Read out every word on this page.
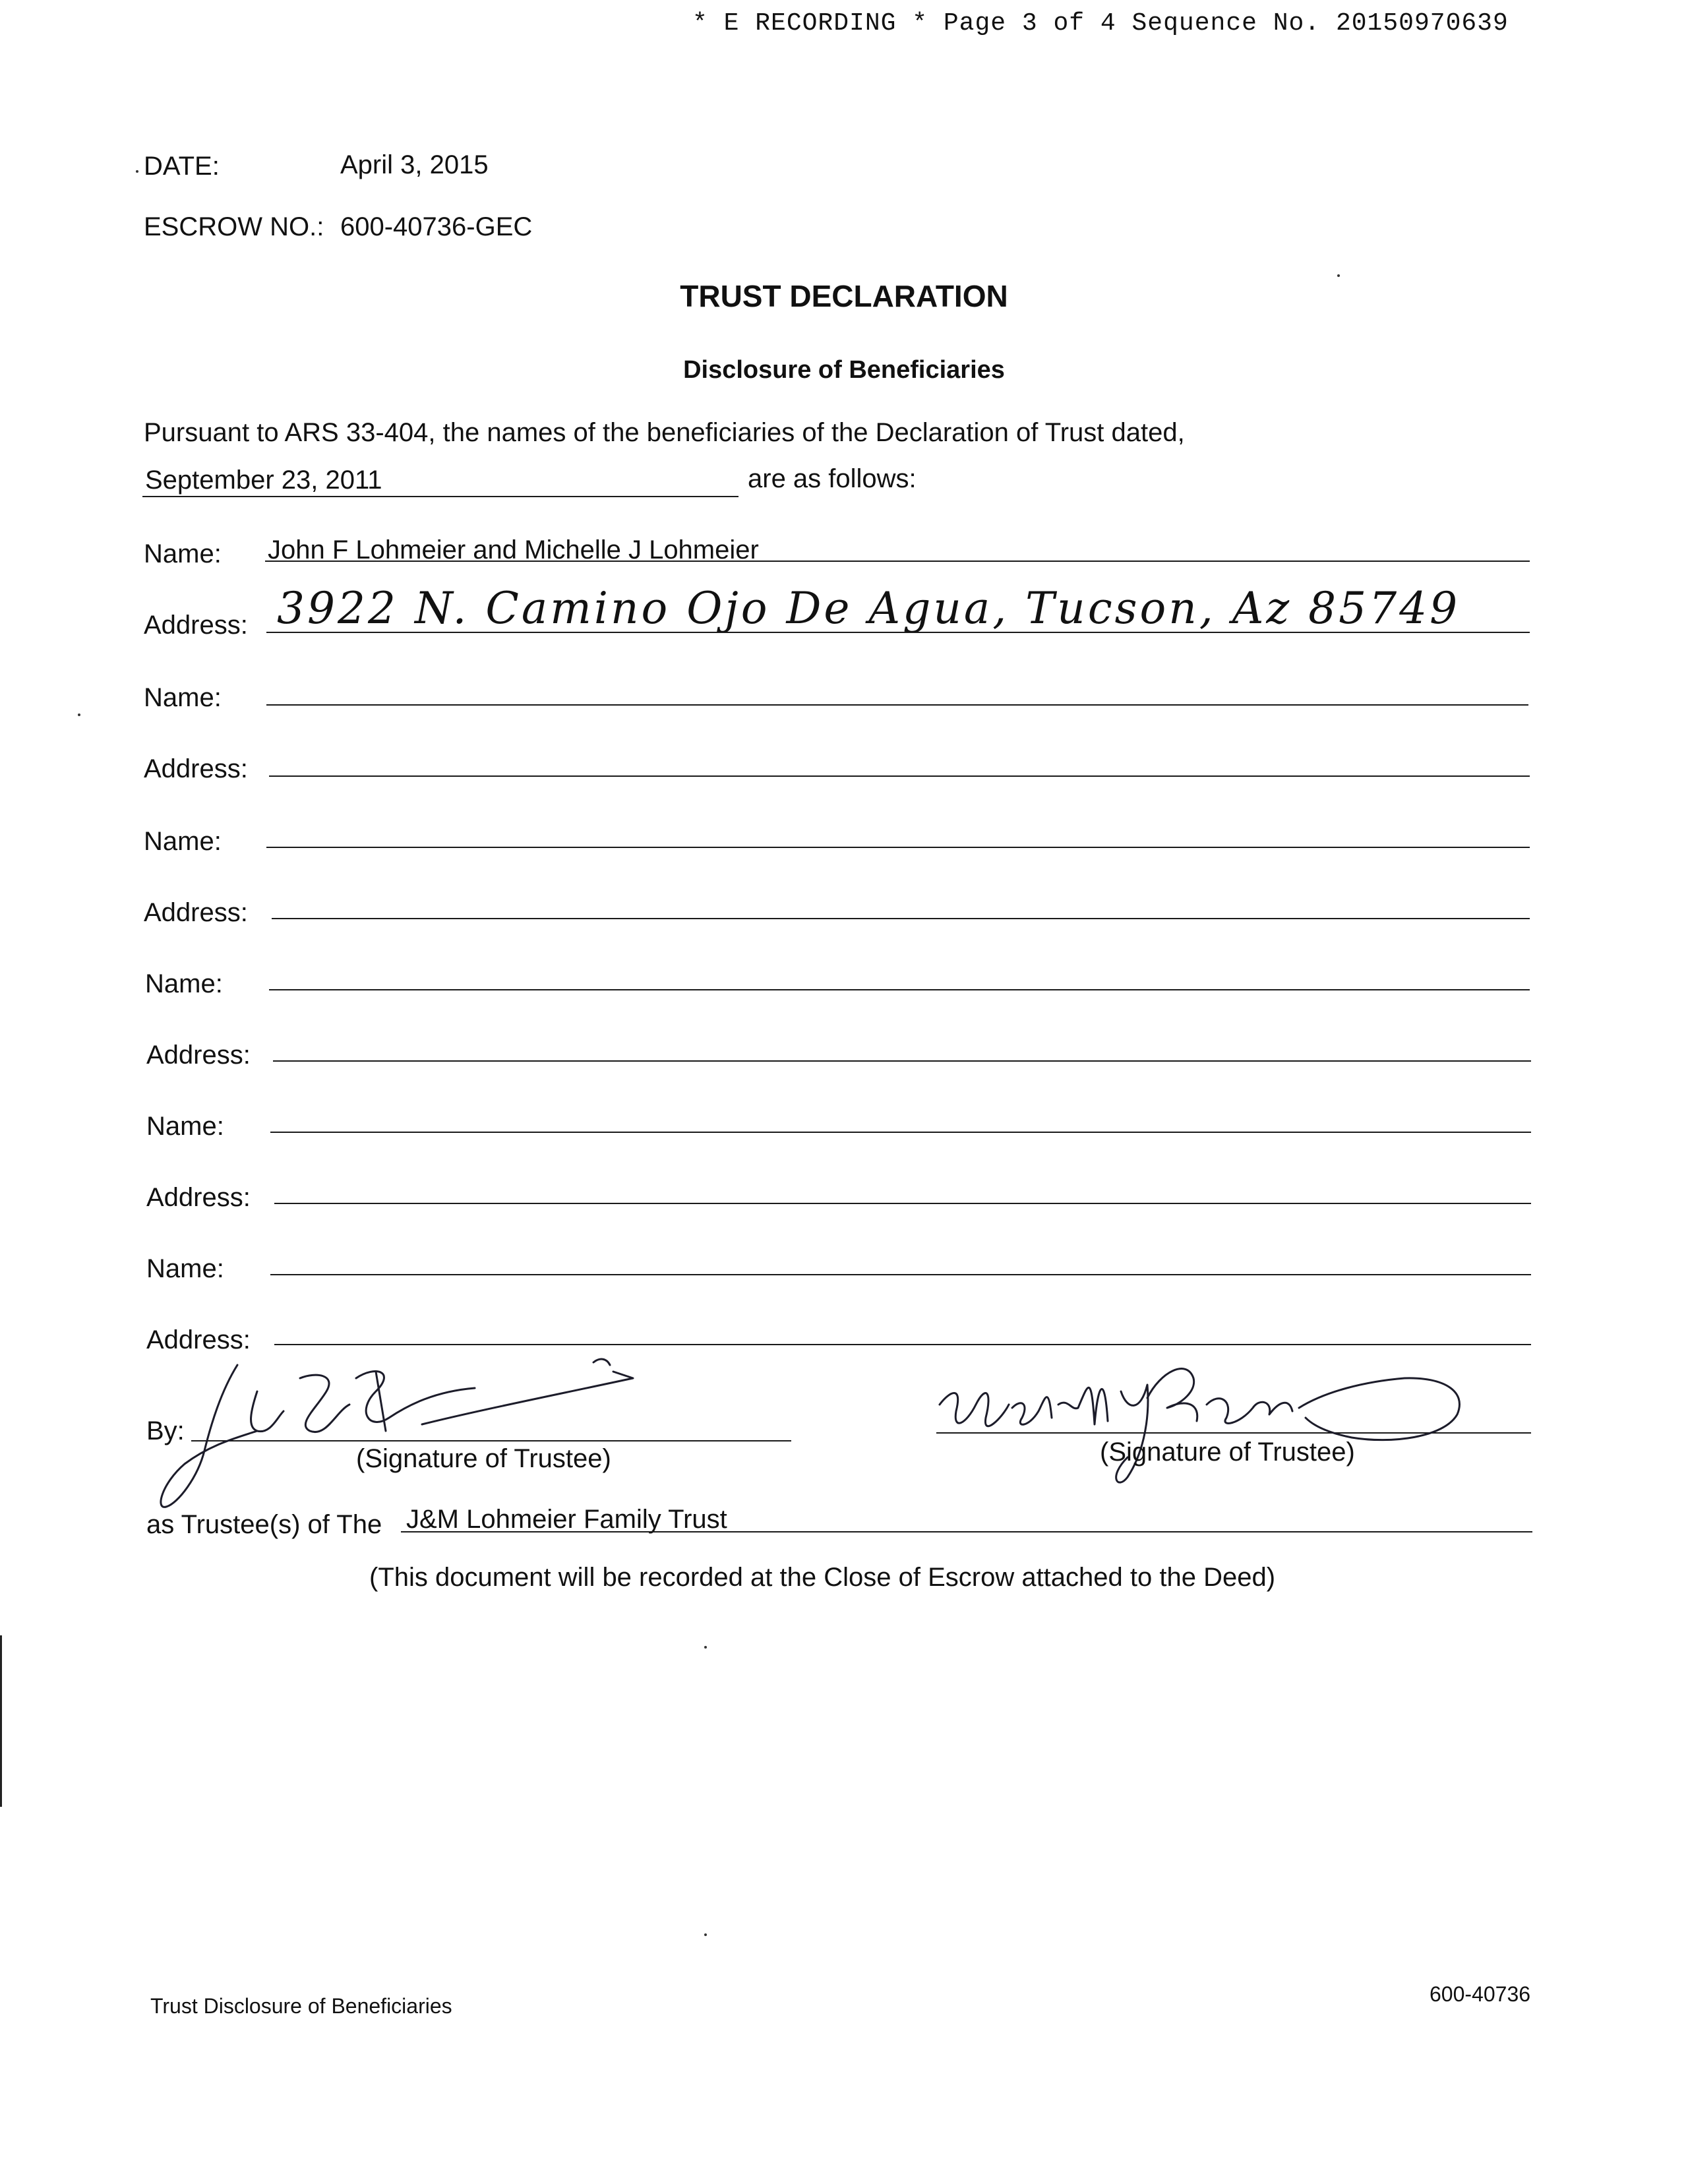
* E RECORDING * Page 3 of 4 Sequence No. 20150970639
DATE:	April 3, 2015
ESCROW NO.: 600-40736-GEC
TRUST DECLARATION
Disclosure of Beneficiaries
Pursuant to ARS 33-404, the names of the beneficiaries of the Declaration of Trust dated,
September 23, 2011	are as follows:
Name: John F Lohmeier and Michelle J Lohmeier
Address: 3922 N. Camino Ojo De Agua, Tucson, Az 85749
Name:
Address:
Name:
Address:
Name:
Address:
Name:
Address:
Name:
Address:
By:
(Signature of Trustee)	(Signature of Trustee)
as Trustee(s) of The J&M Lohmeier Family Trust
(This document will be recorded at the Close of Escrow attached to the Deed)
Trust Disclosure of Beneficiaries	600-40736
